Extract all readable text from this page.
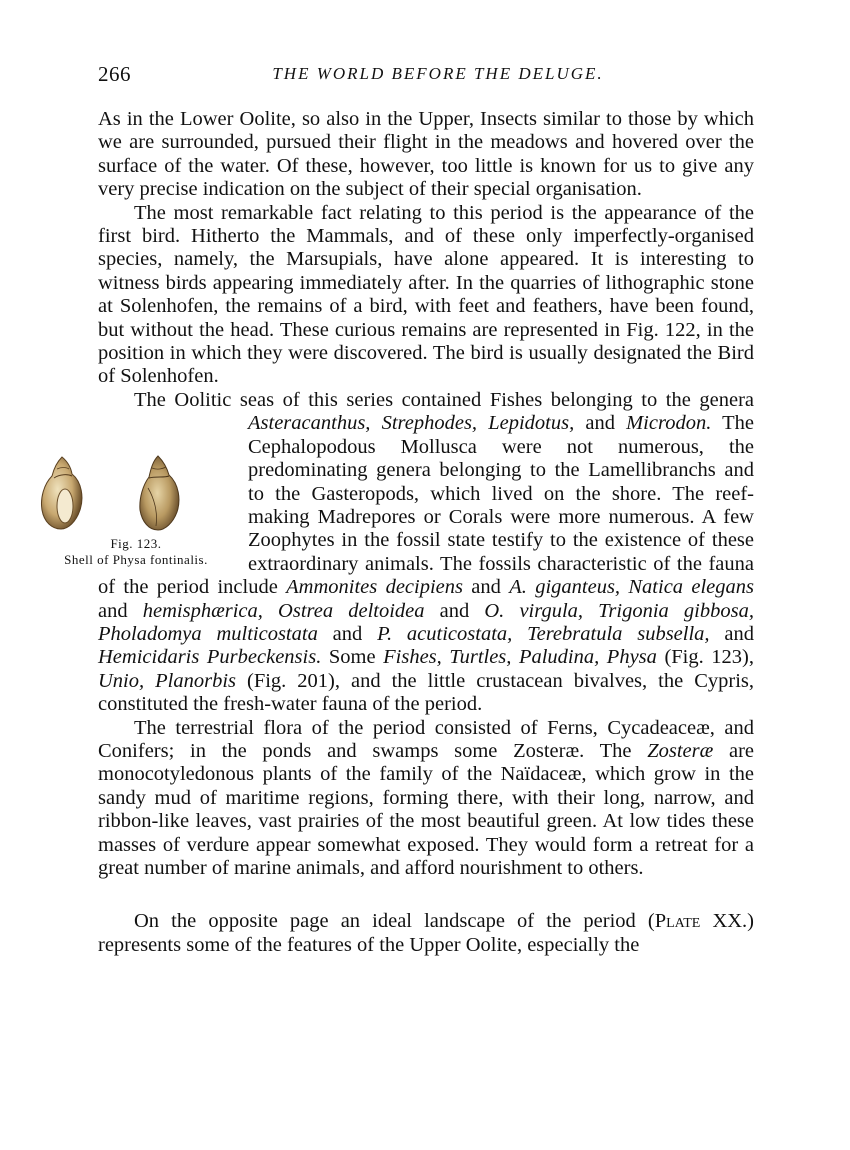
266	THE WORLD BEFORE THE DELUGE.

As in the Lower Oolite, so also in the Upper, Insects similar to those by which we are surrounded, pursued their flight in the meadows and hovered over the surface of the water. Of these, however, too little is known for us to give any very precise indication on the subject of their special organisation.

The most remarkable fact relating to this period is the appearance of the first bird. Hitherto the Mammals, and of these only imperfectly-organised species, namely, the Marsupials, have alone appeared. It is interesting to witness birds appearing immediately after. In the quarries of lithographic stone at Solenhofen, the remains of a bird, with feet and feathers, have been found, but without the head. These curious remains are represented in Fig. 122, in the position in which they were discovered. The bird is usually designated the Bird of Solenhofen.

The Oolitic seas of this series contained Fishes belonging to the genera Asteracanthus, Strephodes, Lepidotus, and Microdon.
Fig. 123.
Shell of Physa fontinalis.
The Cephalopodous Mollusca were not numerous, the predominating genera belonging to the Lamellibranchs and to the Gasteropods, which lived on the shore. The reef-making Madrepores or Corals were more numerous. A few Zoophytes in the fossil state testify to the existence of these extraordinary animals. The fossils characteristic of the fauna of the period include Ammonites decipiens and A. giganteus, Natica elegans and hemisphærica, Ostrea deltoidea and O. virgula, Trigonia gibbosa, Pholadomya multicostata and P. acuticostata, Terebratula subsella, and Hemicidaris Purbeckensis. Some Fishes, Turtles, Paludina, Physa (Fig. 123), Unio, Planorbis (Fig. 201), and the little crustacean bivalves, the Cypris, constituted the fresh-water fauna of the period.

The terrestrial flora of the period consisted of Ferns, Cycadeaceæ, and Conifers; in the ponds and swamps some Zosteræ. The Zosteræ are monocotyledonous plants of the family of the Naïdaceæ, which grow in the sandy mud of maritime regions, forming there, with their long, narrow, and ribbon-like leaves, vast prairies of the most beautiful green. At low tides these masses of verdure appear somewhat exposed. They would form a retreat for a great number of marine animals, and afford nourishment to others.

On the opposite page an ideal landscape of the period (Plate XX.) represents some of the features of the Upper Oolite, especially the
